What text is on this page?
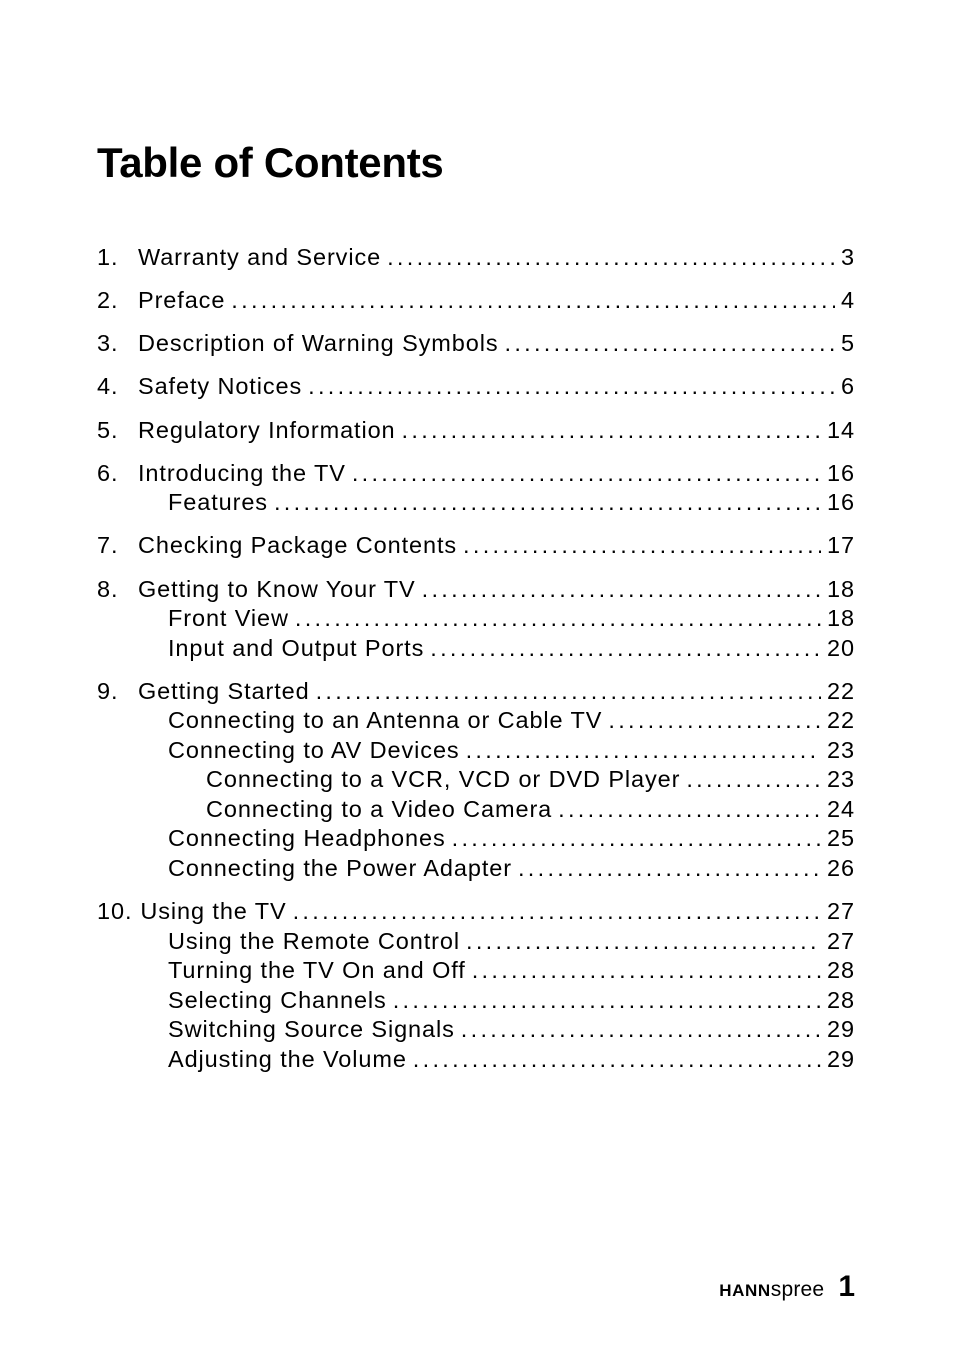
Table of Contents
1. Warranty and Service .....	3
2. Preface .....	4
3. Description of Warning Symbols .....	5
4. Safety Notices .....	6
5. Regulatory Information .....	14
6. Introducing the TV .....	16
Features .....	16
7. Checking Package Contents .....	17
8. Getting to Know Your TV .....	18
Front View .....	18
Input and Output Ports .....	20
9. Getting Started .....	22
Connecting to an Antenna or Cable TV .....	22
Connecting to AV Devices .....	23
Connecting to a VCR, VCD or DVD Player .....	23
Connecting to a Video Camera .....	24
Connecting Headphones .....	25
Connecting the Power Adapter .....	26
10. Using the TV .....	27
Using the Remote Control .....	27
Turning the TV On and Off .....	28
Selecting Channels .....	28
Switching Source Signals .....	29
Adjusting the Volume .....	29
HANN spree 1
